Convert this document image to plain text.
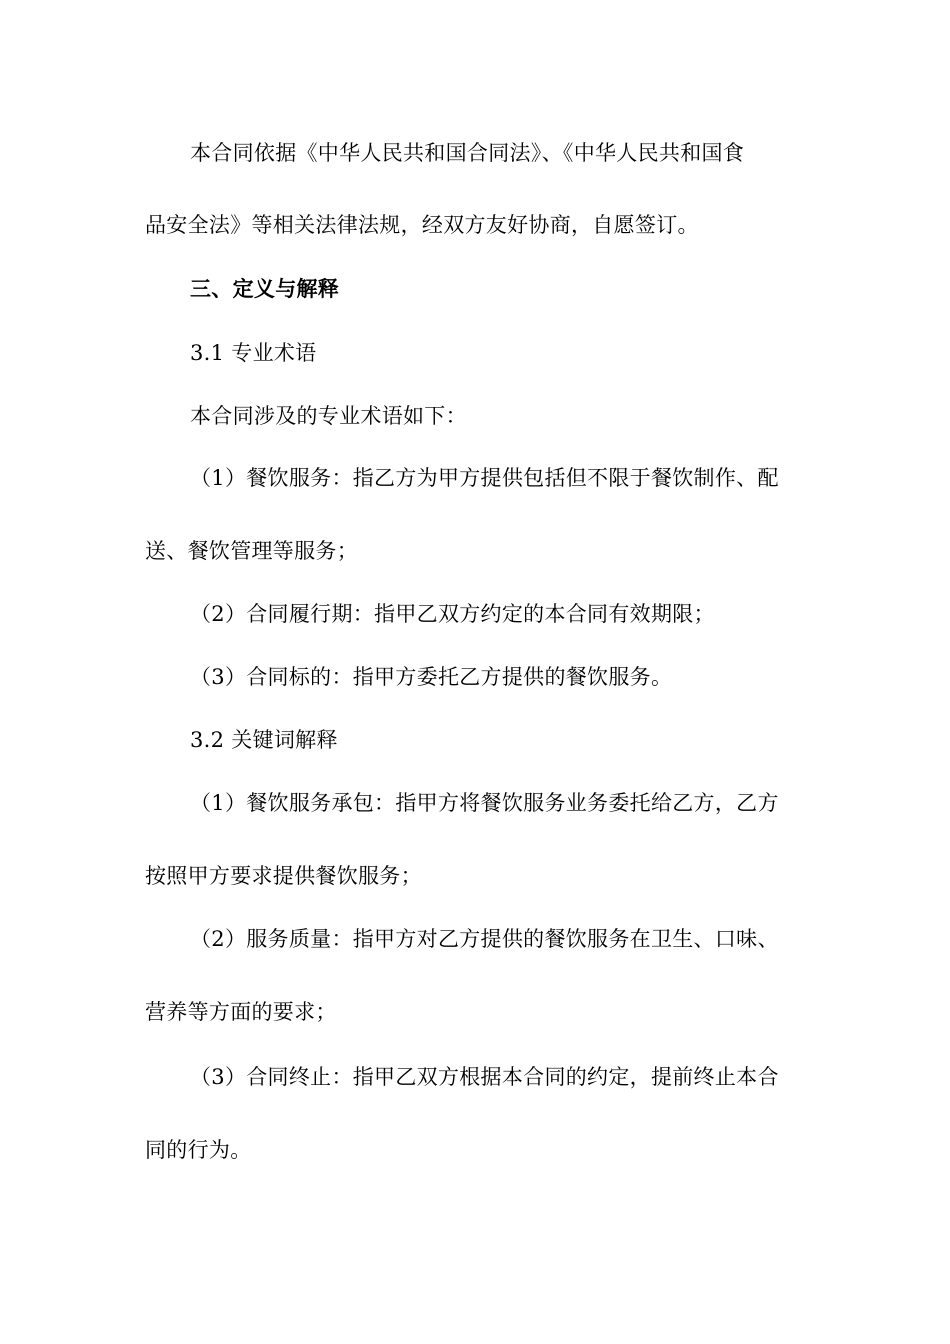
本合同依据《中华人民共和国合同法》、《中华人民共和国食
品安全法》等相关法律法规，经双方友好协商，自愿签订。
三、定义与解释
3.1 专业术语
本合同涉及的专业术语如下：
（1）餐饮服务：指乙方为甲方提供包括但不限于餐饮制作、配
送、餐饮管理等服务；
（2）合同履行期：指甲乙双方约定的本合同有效期限；
（3）合同标的：指甲方委托乙方提供的餐饮服务。
3.2 关键词解释
（1）餐饮服务承包：指甲方将餐饮服务业务委托给乙方，乙方
按照甲方要求提供餐饮服务；
（2）服务质量：指甲方对乙方提供的餐饮服务在卫生、口味、
营养等方面的要求；
（3）合同终止：指甲乙双方根据本合同的约定，提前终止本合
同的行为。
